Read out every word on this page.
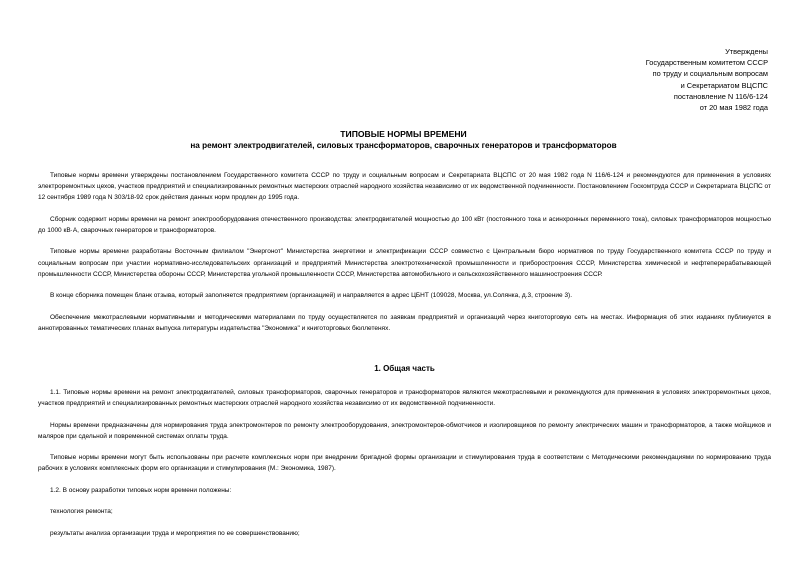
Утверждены
Государственным комитетом СССР
по труду и социальным вопросам
и Секретариатом ВЦСПС
постановление N 116/6-124
от 20 мая 1982 года
ТИПОВЫЕ НОРМЫ ВРЕМЕНИ
на ремонт электродвигателей, силовых трансформаторов, сварочных генераторов и трансформаторов

Типовые нормы времени утверждены постановлением Государственного комитета СССР по труду и социальным вопросам и Секретариата ВЦСПС от 20 мая 1982 года N 116/6-124 и рекомендуются для применения в условиях электроремонтных цехов, участков предприятий и специализированных ремонтных мастерских отраслей народного хозяйства независимо от их ведомственной подчиненности. Постановлением Госкомтруда СССР и Секретариата ВЦСПС от 12 сентября 1989 года N 303/18-92 срок действия данных норм продлен до 1995 года.

Сборник содержит нормы времени на ремонт электрооборудования отечественного производства: электродвигателей мощностью до 100 кВт (постоянного тока и асинхронных переменного тока), силовых трансформаторов мощностью до 1000 кВ·А, сварочных генераторов и трансформаторов.

Типовые нормы времени разработаны Восточным филиалом "Энергонот" Министерства энергетики и электрификации СССР совместно с Центральным бюро нормативов по труду Государственного комитета СССР по труду и социальным вопросам при участии нормативно-исследовательских организаций и предприятий Министерства электротехнической промышленности и приборостроения СССР, Министерства химической и нефтеперерабатывающей промышленности СССР, Министерства обороны СССР, Министерства угольной промышленности СССР, Министерства автомобильного и сельскохозяйственного машиностроения СССР.

В конце сборника помещен бланк отзыва, который заполняется предприятием (организацией) и направляется в адрес ЦБНТ (109028, Москва, ул.Солянка, д.3, строение 3).

Обеспечение межотраслевыми нормативными и методическими материалами по труду осуществляется по заявкам предприятий и организаций через книготорговую сеть на местах. Информация об этих изданиях публикуется в аннотированных тематических планах выпуска литературы издательства "Экономика" и книготорговых бюллетенях.

1. Общая часть

1.1. Типовые нормы времени на ремонт электродвигателей, силовых трансформаторов, сварочных генераторов и трансформаторов являются межотраслевыми и рекомендуются для применения в условиях электроремонтных цехов, участков предприятий и специализированных ремонтных мастерских отраслей народного хозяйства независимо от их ведомственной подчиненности.

Нормы времени предназначены для нормирования труда электромонтеров по ремонту электрооборудования, электромонтеров-обмотчиков и изолировщиков по ремонту электрических машин и трансформаторов, а также мойщиков и маляров при сдельной и повременной системах оплаты труда.

Типовые нормы времени могут быть использованы при расчете комплексных норм при внедрении бригадной формы организации и стимулирования труда в соответствии с Методическими рекомендациями по нормированию труда рабочих в условиях комплексных форм его организации и стимулирования (М.: Экономика, 1987).

1.2. В основу разработки типовых норм времени положены:

технология ремонта;

результаты анализа организации труда и мероприятия по ее совершенствованию;
